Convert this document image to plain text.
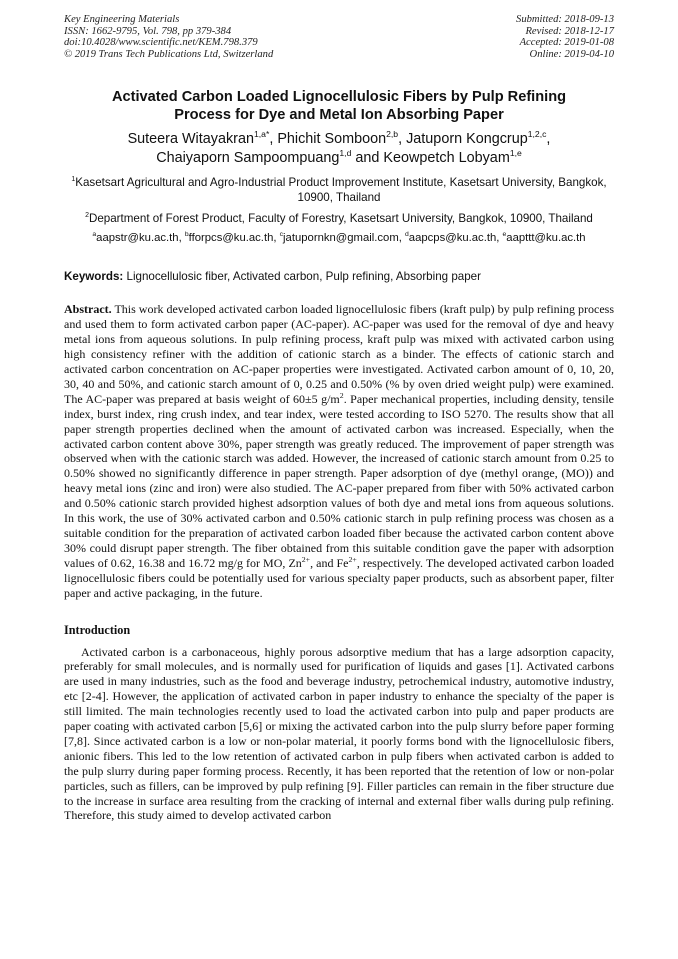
Key Engineering Materials
ISSN: 1662-9795, Vol. 798, pp 379-384
doi:10.4028/www.scientific.net/KEM.798.379
© 2019 Trans Tech Publications Ltd, Switzerland
Submitted: 2018-09-13
Revised: 2018-12-17
Accepted: 2019-01-08
Online: 2019-04-10
Activated Carbon Loaded Lignocellulosic Fibers by Pulp Refining
Process for Dye and Metal Ion Absorbing Paper
Suteera Witayakran$^{1,a*}$, Phichit Somboon$^{2,b}$, Jatuporn Kongcrup$^{1,2,c}$,
Chaiyaporn Sampoompuang$^{1,d}$ and Keowpetch Lobyam$^{1,e}$
$^1$Kasetsart Agricultural and Agro-Industrial Product Improvement Institute, Kasetsart University, Bangkok, 10900, Thailand
$^2$Department of Forest Product, Faculty of Forestry, Kasetsart University, Bangkok, 10900, Thailand
$^a$aapstr@ku.ac.th, $^b$fforpcs@ku.ac.th, $^c$jatupornkn@gmail.com, $^d$aapcps@ku.ac.th, $^e$aapttt@ku.ac.th
Keywords: Lignocellulosic fiber, Activated carbon, Pulp refining, Absorbing paper
Abstract. This work developed activated carbon loaded lignocellulosic fibers (kraft pulp) by pulp refining process and used them to form activated carbon paper (AC-paper). AC-paper was used for the removal of dye and heavy metal ions from aqueous solutions. In pulp refining process, kraft pulp was mixed with activated carbon using high consistency refiner with the addition of cationic starch as a binder. The effects of cationic starch and activated carbon concentration on AC-paper properties were investigated. Activated carbon amount of 0, 10, 20, 30, 40 and 50%, and cationic starch amount of 0, 0.25 and 0.50% (% by oven dried weight pulp) were examined. The AC-paper was prepared at basis weight of 60±5 $g/m^2$. Paper mechanical properties, including density, tensile index, burst index, ring crush index, and tear index, were tested according to ISO 5270. The results show that all paper strength properties declined when the amount of activated carbon was increased. Especially, when the activated carbon content above 30%, paper strength was greatly reduced. The improvement of paper strength was observed when with the cationic starch was added. However, the increased of cationic starch amount from 0.25 to 0.50% showed no significantly difference in paper strength. Paper adsorption of dye (methyl orange, (MO)) and heavy metal ions (zinc and iron) were also studied. The AC-paper prepared from fiber with 50% activated carbon and 0.50% cationic starch provided highest adsorption values of both dye and metal ions from aqueous solutions. In this work, the use of 30% activated carbon and 0.50% cationic starch in pulp refining process was chosen as a suitable condition for the preparation of activated carbon loaded fiber because the activated carbon content above 30% could disrupt paper strength. The fiber obtained from this suitable condition gave the paper with adsorption values of 0.62, 16.38 and 16.72 mg/g for MO, $Zn^{2+}$, and $Fe^{2+}$, respectively. The developed activated carbon loaded lignocellulosic fibers could be potentially used for various specialty paper products, such as absorbent paper, filter paper and active packaging, in the future.
Introduction
Activated carbon is a carbonaceous, highly porous adsorptive medium that has a large adsorption capacity, preferably for small molecules, and is normally used for purification of liquids and gases [1]. Activated carbons are used in many industries, such as the food and beverage industry, petrochemical industry, automotive industry, etc [2-4]. However, the application of activated carbon in paper industry to enhance the specialty of the paper is still limited. The main technologies recently used to load the activated carbon into pulp and paper products are paper coating with activated carbon [5,6] or mixing the activated carbon into the pulp slurry before paper forming [7,8]. Since activated carbon is a low or non-polar material, it poorly forms bond with the lignocellulosic fibers, anionic fibers. This led to the low retention of activated carbon in pulp fibers when activated carbon is added to the pulp slurry during paper forming process. Recently, it has been reported that the retention of low or non-polar particles, such as fillers, can be improved by pulp refining [9]. Filler particles can remain in the fiber structure due to the increase in surface area resulting from the cracking of internal and external fiber walls during pulp refining. Therefore, this study aimed to develop activated carbon
